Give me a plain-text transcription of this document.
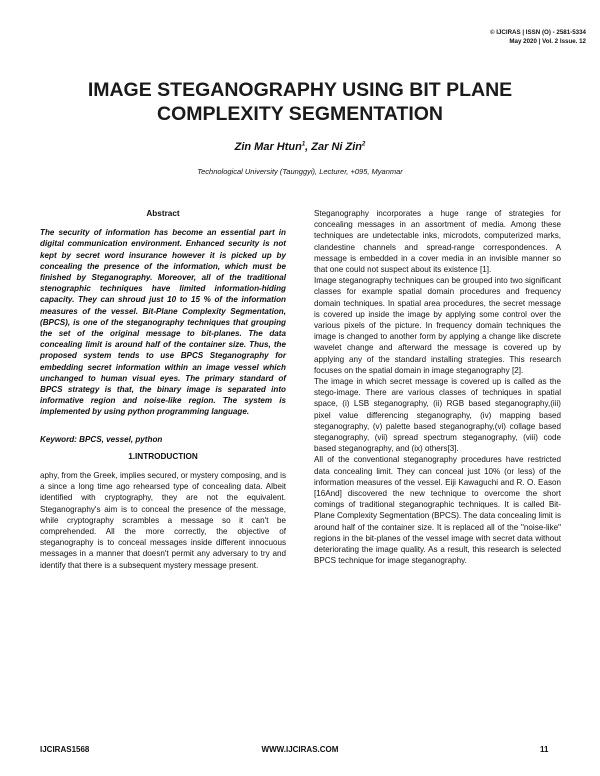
© IJCIRAS | ISSN (O) - 2581-5334
May 2020 | Vol. 2 Issue. 12
IMAGE STEGANOGRAPHY USING BIT PLANE
COMPLEXITY SEGMENTATION
Zin Mar Htun$^1$, Zar Ni Zin$^2$
Technological University (Taunggyi), Lecturer, +095, Myanmar

Abstract

The security of information has become an essential part in digital communication environment. Enhanced security is not kept by secret word insurance however it is picked up by concealing the presence of the information, which must be finished by Steganography. Moreover, all of the traditional stenographic techniques have limited information-hiding capacity. They can shroud just 10 to 15 % of the information measures of the vessel. Bit-Plane Complexity Segmentation, (BPCS), is one of the steganography techniques that grouping the set of the original message to bit-planes. The data concealing limit is around half of the container size. Thus, the proposed system tends to use BPCS Steganography for embedding secret information within an image vessel which unchanged to human visual eyes. The primary standard of BPCS strategy is that, the binary image is separated into informative region and noise-like region. The system is implemented by using python programming language.

Keyword: BPCS, vessel, python

1.INTRODUCTION

aphy, from the Greek, implies secured, or mystery composing, and is a since a long time ago rehearsed type of concealing data. Albeit identified with cryptography, they are not the equivalent. Steganography's aim is to conceal the presence of the message, while cryptography scrambles a message so it can't be comprehended. All the more correctly, the objective of steganography is to conceal messages inside different innocuous messages in a manner that doesn't permit any adversary to try and identify that there is a subsequent mystery message present.

Steganography incorporates a huge range of strategies for concealing messages in an assortment of media. Among these techniques are undetectable inks, microdots, computerized marks, clandestine channels and spread-range correspondences. A message is embedded in a cover media in an invisible manner so that one could not suspect about its existence [1].

Image steganography techniques can be grouped into two significant classes for example spatial domain procedures and frequency domain techniques. In spatial area procedures, the secret message is covered up inside the image by applying some control over the various pixels of the picture. In frequency domain techniques the image is changed to another form by applying a change like discrete wavelet change and afterward the message is covered up by applying any of the standard installing strategies. This research focuses on the spatial domain in image steganography [2].

The image in which secret message is covered up is called as the stego-image. There are various classes of techniques in spatial space, (i) LSB steganography, (ii) RGB based steganography,(iii) pixel value differencing steganography, (iv) mapping based steganography, (v) palette based steganography,(vi) collage based steganography, (vii) spread spectrum steganography, (viii) code based steganography, and (ix) others[3].

All of the conventional steganography procedures have restricted data concealing limit. They can conceal just 10% (or less) of the information measures of the vessel. Eiji Kawaguchi and R. O. Eason [16And] discovered the new technique to overcome the short comings of traditional steganographic techniques. It is called Bit-Plane Complexity Segmentation (BPCS). The data concealing limit is around half of the container size. It is replaced all of the "noise-like" regions in the bit-planes of the vessel image with secret data without deteriorating the image quality. As a result, this research is selected BPCS technique for image steganography.

IJCIRAS1568	WWW.IJCIRAS.COM	11
